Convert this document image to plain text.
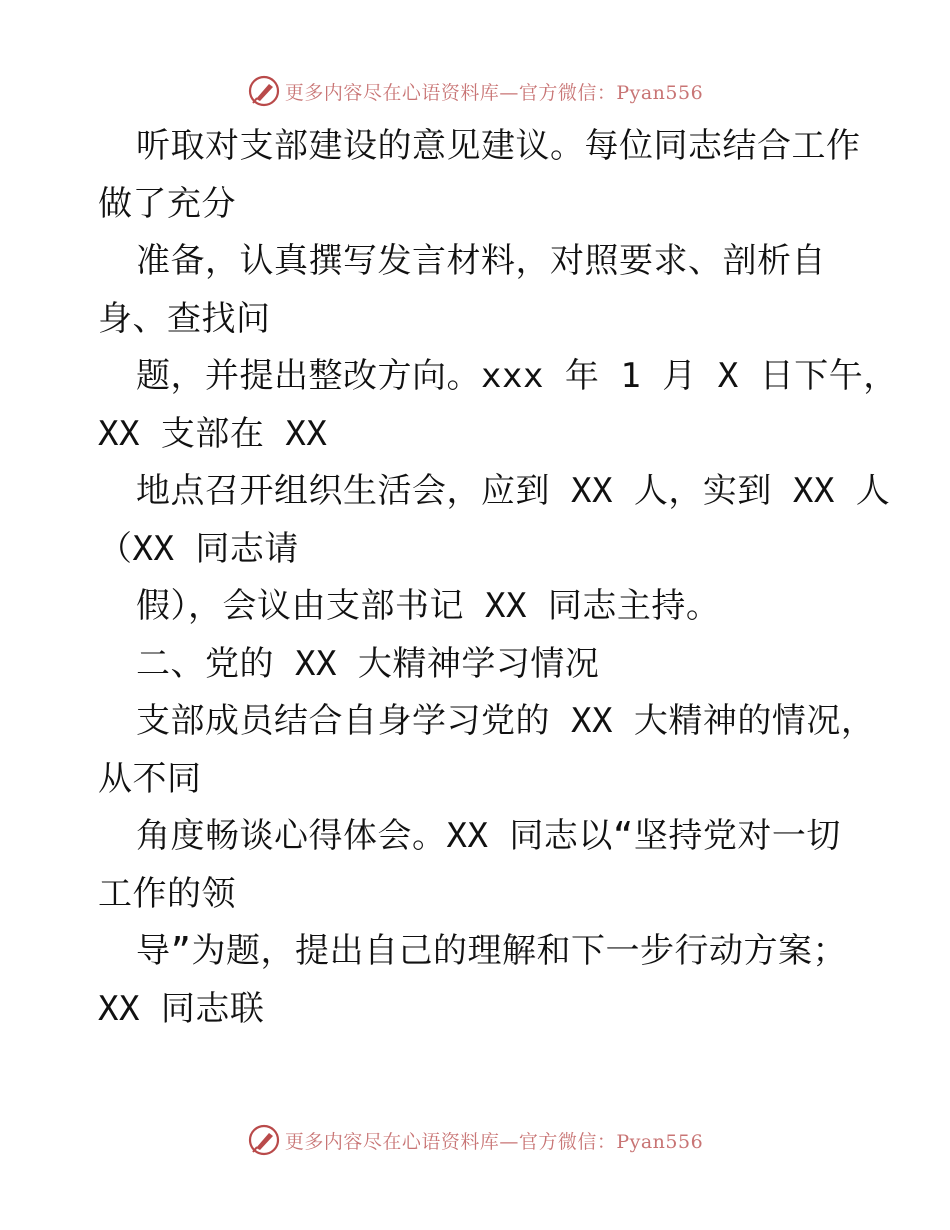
更多内容尽在心语资料库—官方微信：Pyan556
听取对支部建设的意见建议。每位同志结合工作
做了充分
准备，认真撰写发言材料，对照要求、剖析自
身、查找问
题，并提出整改方向。xxx 年 1 月 X 日下午，
XX 支部在 XX
地点召开组织生活会，应到 XX 人，实到 XX 人
（XX 同志请
假），会议由支部书记 XX 同志主持。
二、党的 XX 大精神学习情况
支部成员结合自身学习党的 XX 大精神的情况，
从不同
角度畅谈心得体会。XX 同志以“坚持党对一切
工作的领
导”为题，提出自己的理解和下一步行动方案；
XX 同志联
更多内容尽在心语资料库—官方微信：Pyan556
